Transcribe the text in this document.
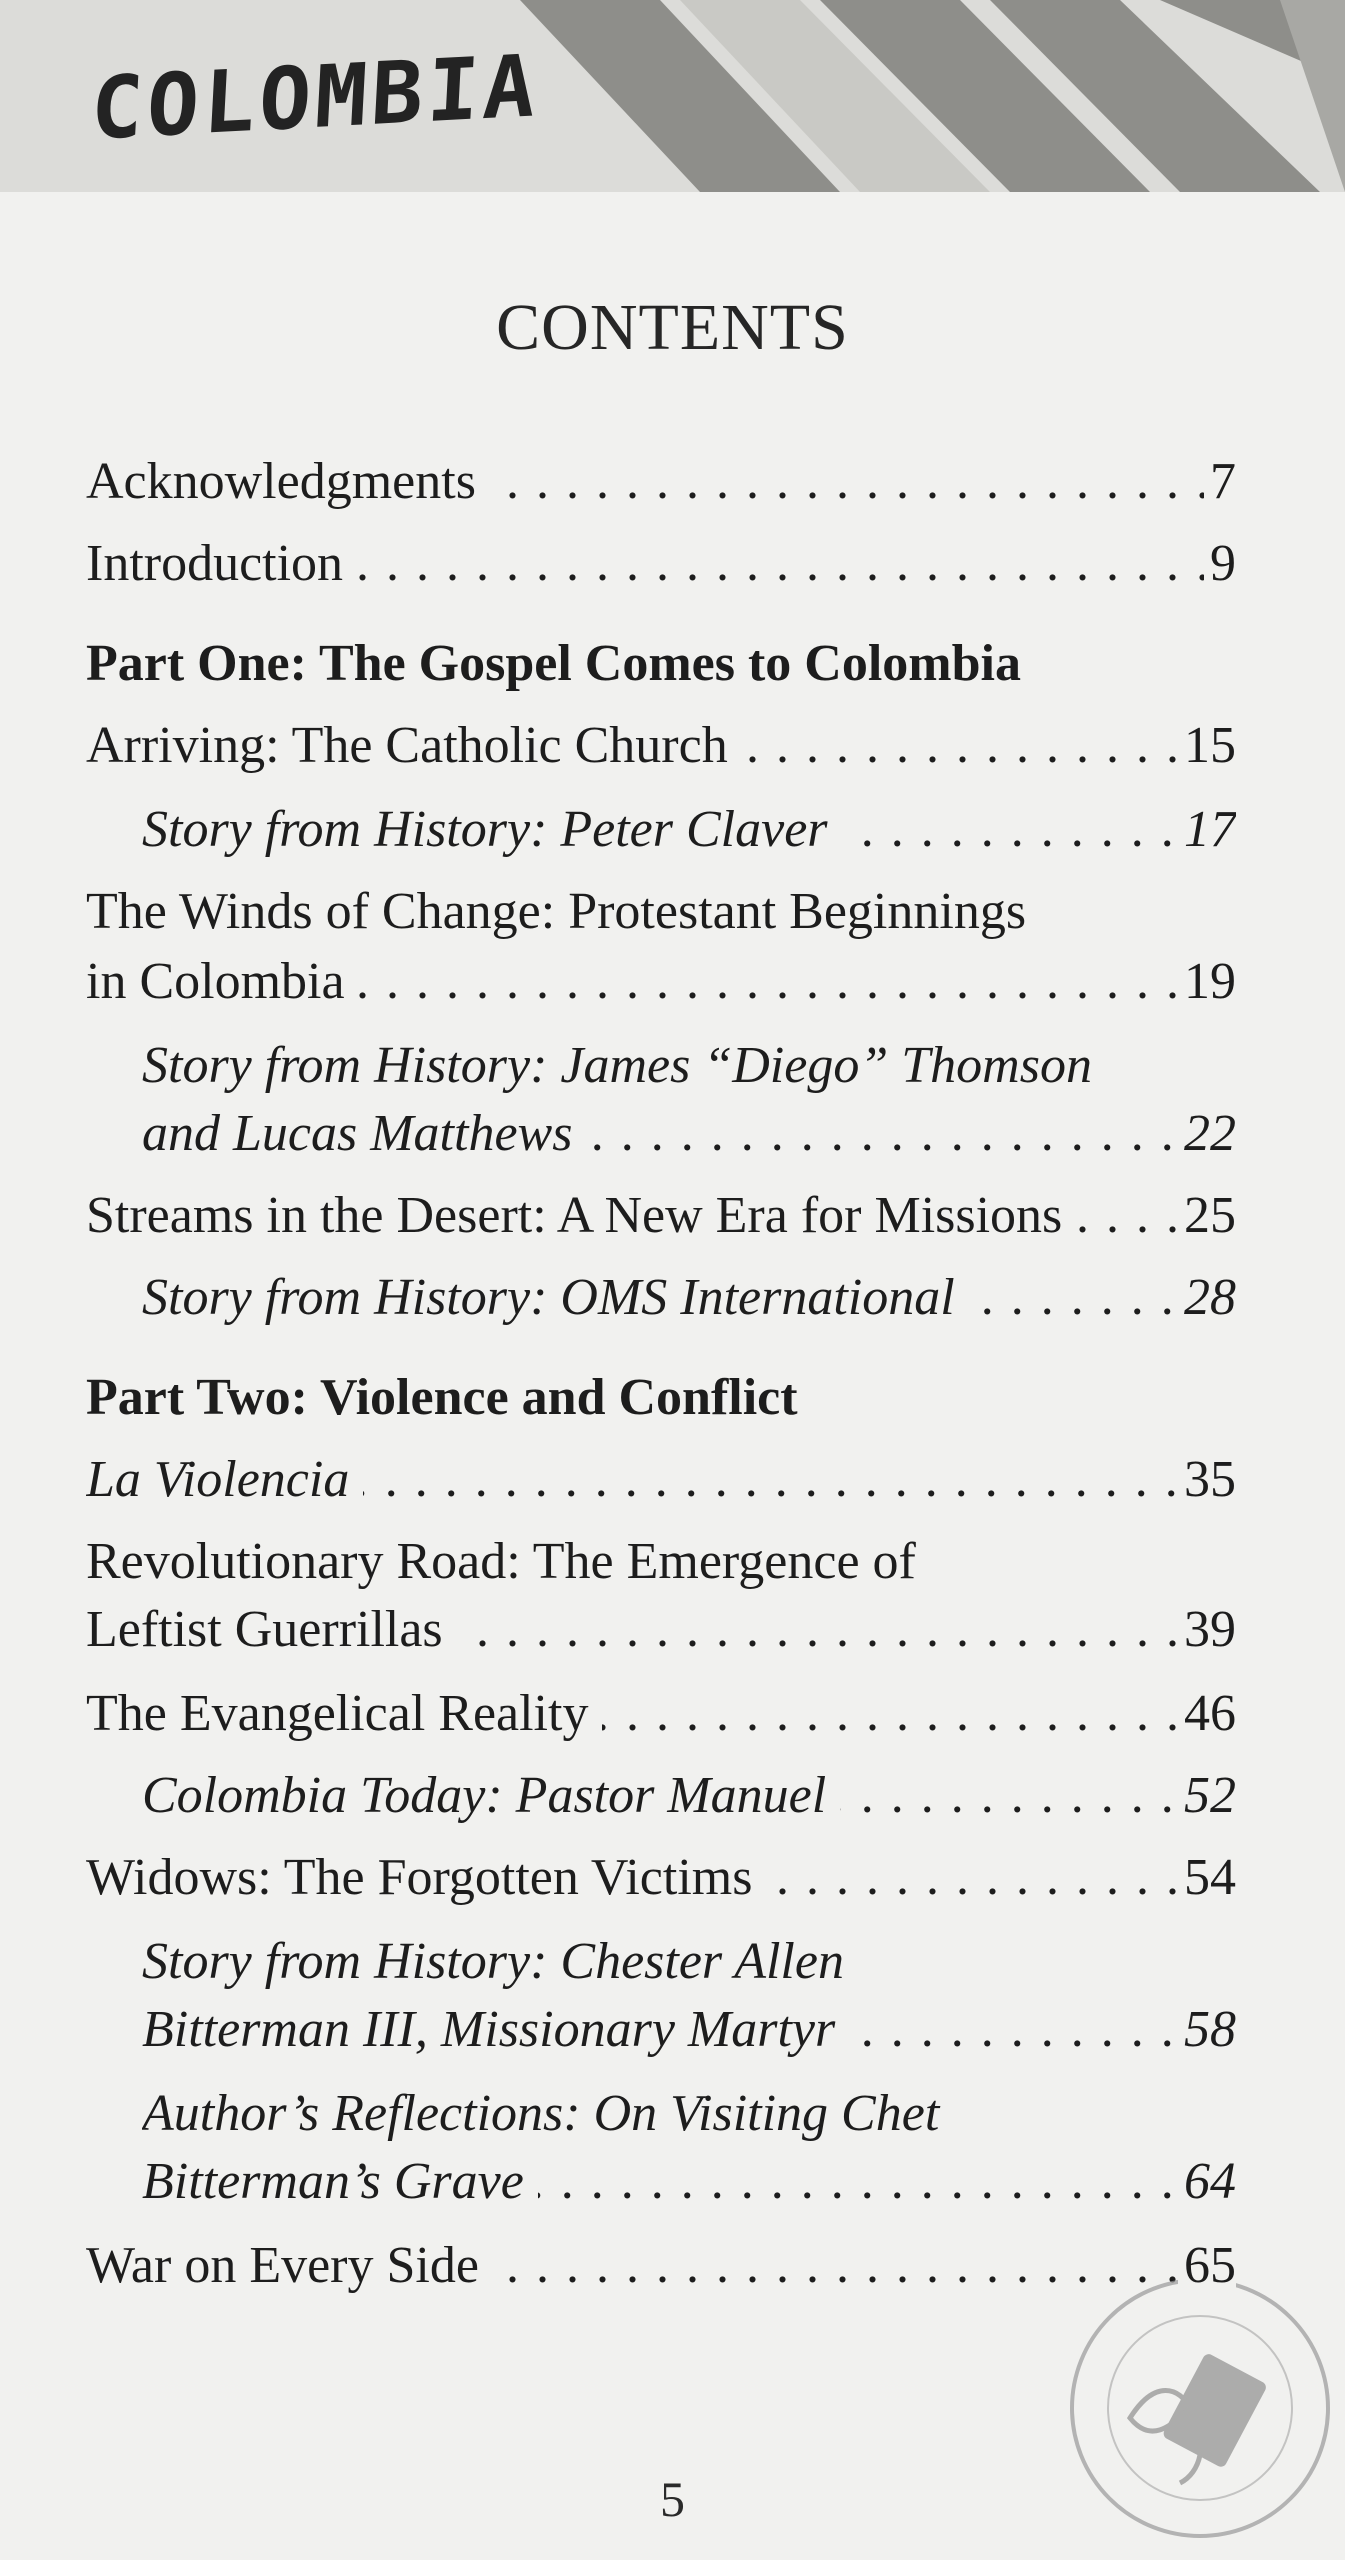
COLOMBIA
CONTENTS
. . . Acknowledgments	7
. . . Introduction	9
Part One: The Gospel Comes to Colombia
. . . Arriving: The Catholic Church	15
. . . Story from History: Peter Claver	17
The Winds of Change: Protestant Beginnings
. . . in Colombia	19
Story from History: James “Diego” Thomson
. . . and Lucas Matthews	22
. . . Streams in the Desert: A New Era for Missions 25
. . . Story from History: OMS International	28
Part Two: Violence and Conflict
. . . La Violencia	35
Revolutionary Road: The Emergence of
. . . Leftist Guerrillas	39
. . . The Evangelical Reality	46
. . . Colombia Today: Pastor Manuel	52
. . . Widows: The Forgotten Victims	54
Story from History: Chester Allen
. . . Bitterman III, Missionary Martyr	58
Author’s Reflections: On Visiting Chet
. . . Bitterman’s Grave	64
. . . War on Every Side	65
5
